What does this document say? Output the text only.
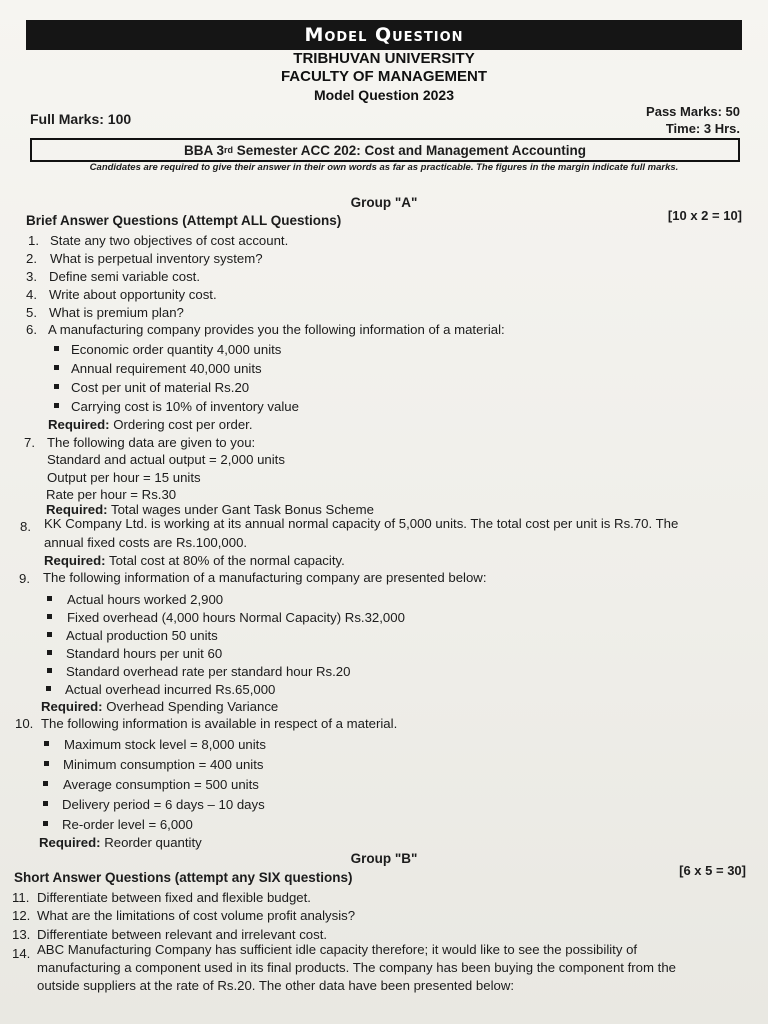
Model Question
TRIBHUVAN UNIVERSITY
FACULTY OF MANAGEMENT
Model Question 2023
Full Marks: 100	Pass Marks: 50
Time: 3 Hrs.
BBA 3 rd Semester ACC 202: Cost and Management Accounting
Candidates are required to give their answer in their own words as far as practicable. The figures in the margin indicate full marks.
Group "A"
Brief Answer Questions (Attempt ALL Questions)	[10 x 2 = 10]
1. State any two objectives of cost account.
2. What is perpetual inventory system?
3. Define semi variable cost.
4. Write about opportunity cost.
5. What is premium plan?
6. A manufacturing company provides you the following information of a material:
Economic order quantity 4,000 units
Annual requirement 40,000 units
Cost per unit of material Rs.20
Carrying cost is 10% of inventory value
Required: Ordering cost per order.
7. The following data are given to you:
Standard and actual output = 2,000 units
Output per hour = 15 units
Rate per hour = Rs.30
Required: Total wages under Gant Task Bonus Scheme
8. KK Company Ltd. is working at its annual normal capacity of 5,000 units. The total cost per unit is Rs.70. The
annual fixed costs are Rs.100,000.
Required: Total cost at 80% of the normal capacity.
9. The following information of a manufacturing company are presented below:
Actual hours worked 2,900
Fixed overhead (4,000 hours Normal Capacity) Rs.32,000
Actual production 50 units
Standard hours per unit 60
Standard overhead rate per standard hour Rs.20
Actual overhead incurred Rs.65,000
Required: Overhead Spending Variance
10. The following information is available in respect of a material.
Maximum stock level = 8,000 units
Minimum consumption = 400 units
Average consumption = 500 units
Delivery period = 6 days – 10 days
Re-order level = 6,000
Required: Reorder quantity
Group "B"
Short Answer Questions (attempt any SIX questions)	[6 x 5 = 30]
11. Differentiate between fixed and flexible budget.
12. What are the limitations of cost volume profit analysis?
13. Differentiate between relevant and irrelevant cost.
14. ABC Manufacturing Company has sufficient idle capacity therefore; it would like to see the possibility of
manufacturing a component used in its final products. The company has been buying the component from the
outside suppliers at the rate of Rs.20. The other data have been presented below:
